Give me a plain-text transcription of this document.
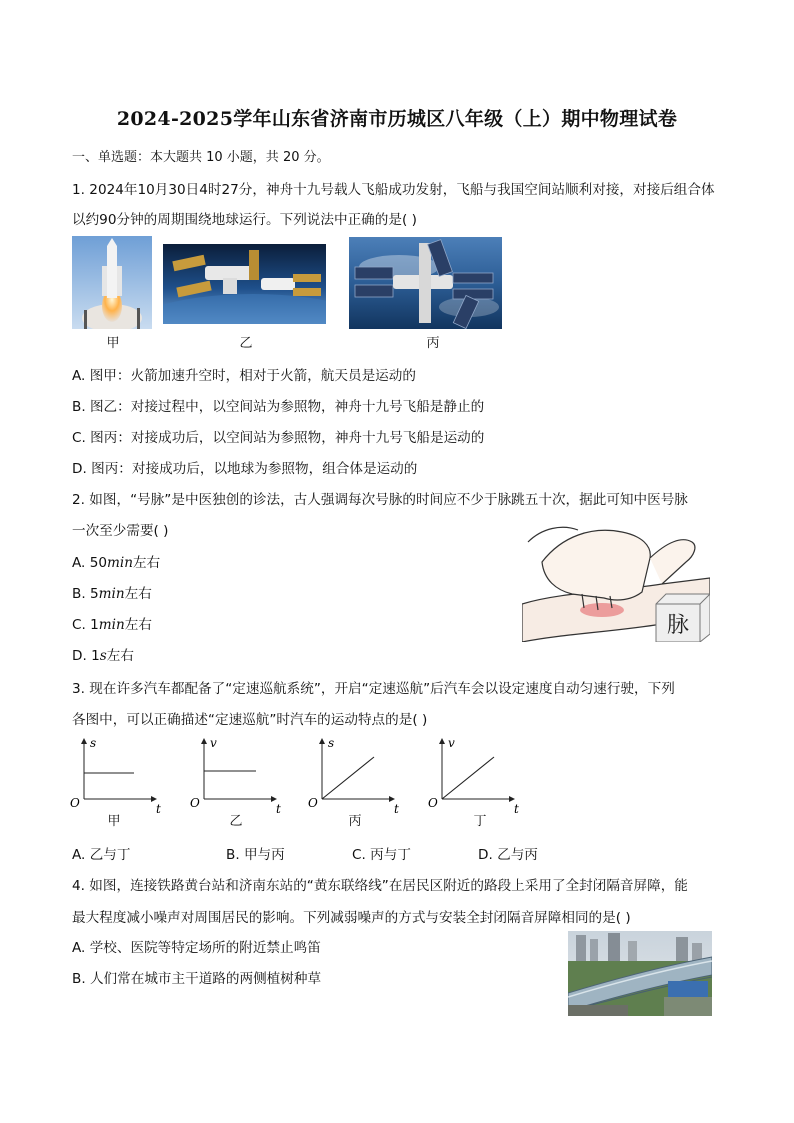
2024-2025学年山东省济南市历城区八年级（上）期中物理试卷
一、单选题：本大题共 10 小题，共 20 分。
1. 2024年10月30日4时27分，神舟十九号载人飞船成功发射，飞船与我国空间站顺利对接，对接后组合体
以约90分钟的周期围绕地球运行。下列说法中正确的是( )
甲	乙	丙
A. 图甲：火箭加速升空时，相对于火箭，航天员是运动的
B. 图乙：对接过程中，以空间站为参照物，神舟十九号飞船是静止的
C. 图丙：对接成功后，以空间站为参照物，神舟十九号飞船是运动的
D. 图丙：对接成功后，以地球为参照物，组合体是运动的
2. 如图，“号脉”是中医独创的诊法，古人强调每次号脉的时间应不少于脉跳五十次，据此可知中医号脉
一次至少需要( )
A. 50min左右
B. 5min左右
C. 1min左右
D. 1s左右
脉
3. 现在许多汽车都配备了“定速巡航系统”，开启“定速巡航”后汽车会以设定速度自动匀速行驶，下列
各图中，可以正确描述“定速巡航”时汽车的运动特点的是( )
s
O	t
v
O	t
s
O	t
v
O	t
甲	乙	丙	丁
A. 乙与丁	B. 甲与丙	C. 丙与丁	D. 乙与丙
4. 如图，连接铁路黄台站和济南东站的“黄东联络线”在居民区附近的路段上采用了全封闭隔音屏障，能
最大程度减小噪声对周围居民的影响。下列减弱噪声的方式与安装全封闭隔音屏障相同的是( )
A. 学校、医院等特定场所的附近禁止鸣笛
B. 人们常在城市主干道路的两侧植树种草
